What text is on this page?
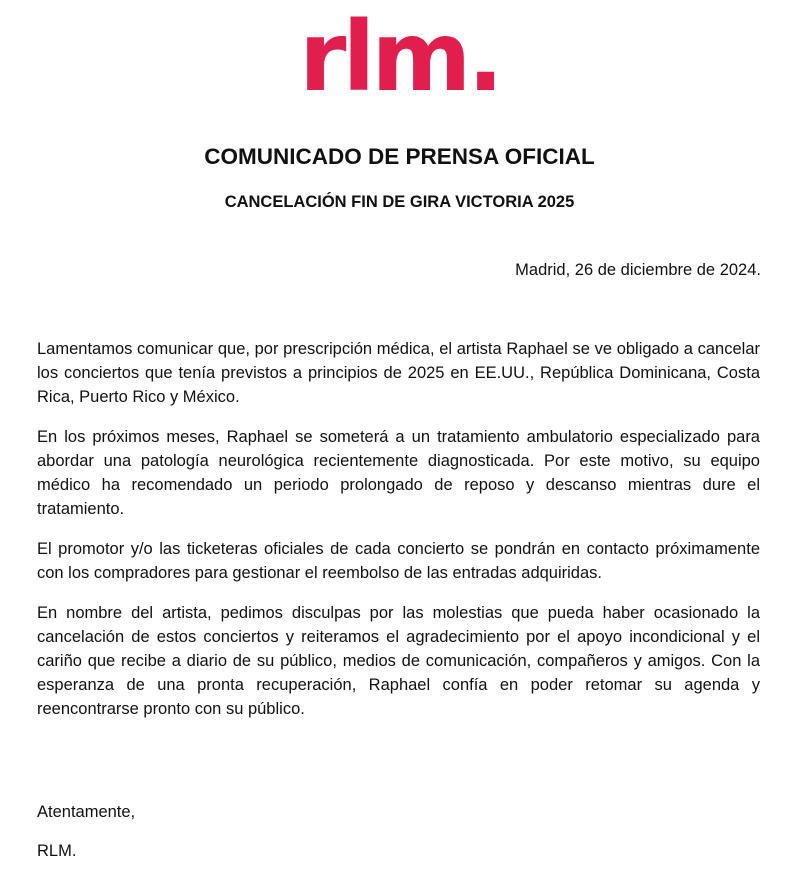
rlm.
COMUNICADO DE PRENSA OFICIAL
CANCELACIÓN FIN DE GIRA VICTORIA 2025
Madrid, 26 de diciembre de 2024.

Lamentamos comunicar que, por prescripción médica, el artista Raphael se ve obligado a cancelar los conciertos que tenía previstos a principios de 2025 en EE.UU., República Dominicana, Costa Rica, Puerto Rico y México.

En los próximos meses, Raphael se someterá a un tratamiento ambulatorio especializado para abordar una patología neurológica recientemente diagnosticada. Por este motivo, su equipo médico ha recomendado un periodo prolongado de reposo y descanso mientras dure el tratamiento.

El promotor y/o las ticketeras oficiales de cada concierto se pondrán en contacto próximamente con los compradores para gestionar el reembolso de las entradas adquiridas.

En nombre del artista, pedimos disculpas por las molestias que pueda haber ocasionado la cancelación de estos conciertos y reiteramos el agradecimiento por el apoyo incondicional y el cariño que recibe a diario de su público, medios de comunicación, compañeros y amigos. Con la esperanza de una pronta recuperación, Raphael confía en poder retomar su agenda y reencontrarse pronto con su público.

Atentamente,
RLM.
